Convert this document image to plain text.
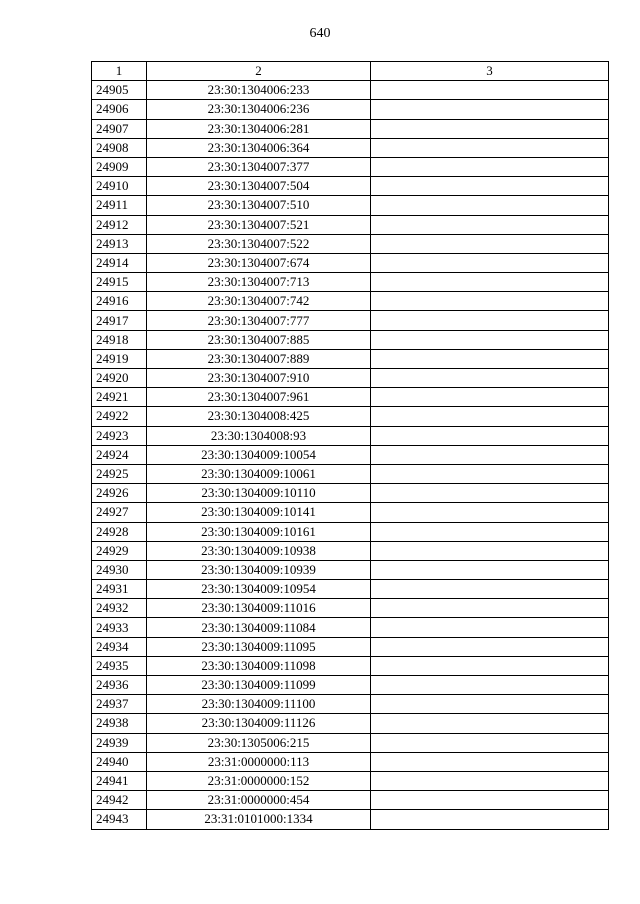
640
1	2	3
24905	23:30:1304006:233	
24906	23:30:1304006:236	
24907	23:30:1304006:281	
24908	23:30:1304006:364	
24909	23:30:1304007:377	
24910	23:30:1304007:504	
24911	23:30:1304007:510	
24912	23:30:1304007:521	
24913	23:30:1304007:522	
24914	23:30:1304007:674	
24915	23:30:1304007:713	
24916	23:30:1304007:742	
24917	23:30:1304007:777	
24918	23:30:1304007:885	
24919	23:30:1304007:889	
24920	23:30:1304007:910	
24921	23:30:1304007:961	
24922	23:30:1304008:425	
24923	23:30:1304008:93	
24924	23:30:1304009:10054	
24925	23:30:1304009:10061	
24926	23:30:1304009:10110	
24927	23:30:1304009:10141	
24928	23:30:1304009:10161	
24929	23:30:1304009:10938	
24930	23:30:1304009:10939	
24931	23:30:1304009:10954	
24932	23:30:1304009:11016	
24933	23:30:1304009:11084	
24934	23:30:1304009:11095	
24935	23:30:1304009:11098	
24936	23:30:1304009:11099	
24937	23:30:1304009:11100	
24938	23:30:1304009:11126	
24939	23:30:1305006:215	
24940	23:31:0000000:113	
24941	23:31:0000000:152	
24942	23:31:0000000:454	
24943	23:31:0101000:1334	
